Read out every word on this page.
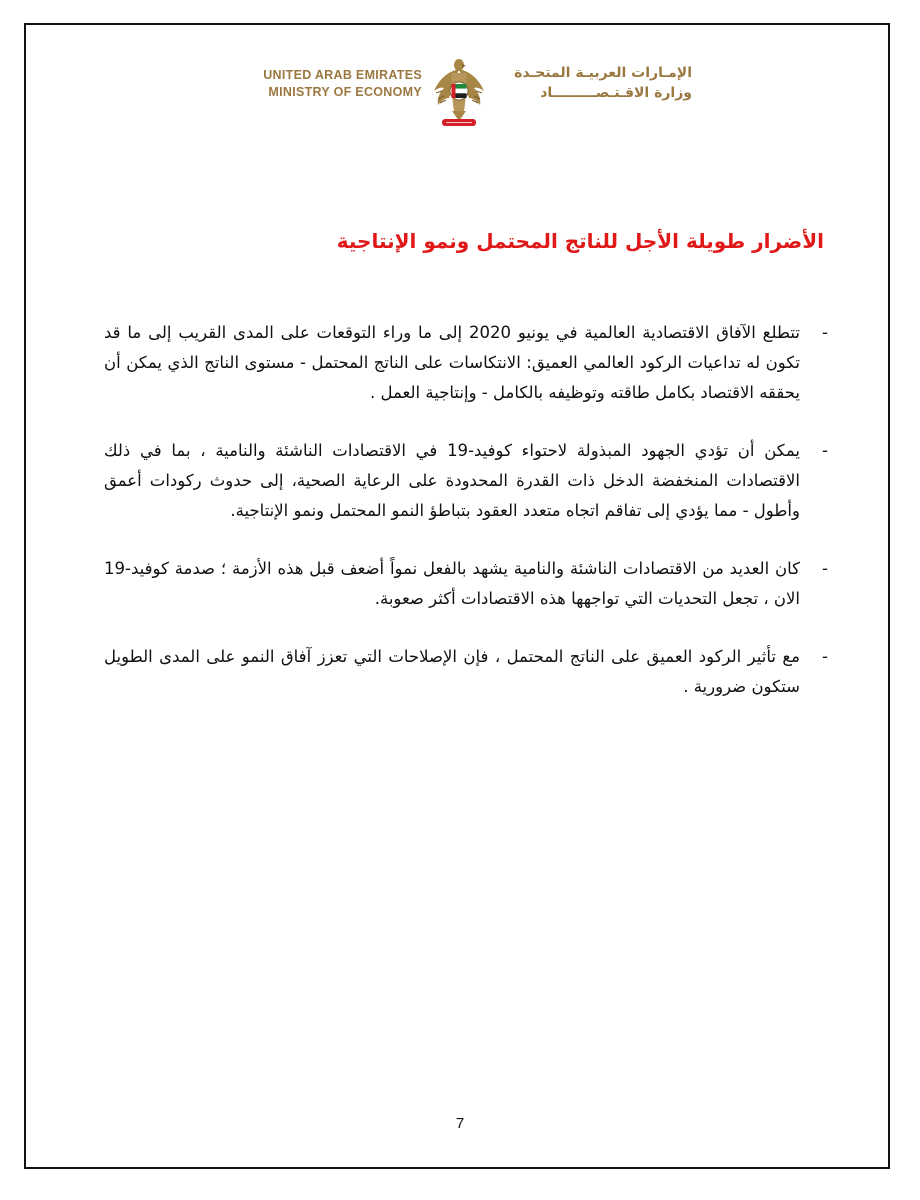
UNITED ARAB EMIRATES
MINISTRY OF ECONOMY
الإمـارات العربيـة المتحـدة
وزارة الاقـتـصـــــــــاد
الأضرار طويلة الأجل للناتج المحتمل ونمو الإنتاجية

-
تتطلع الآفاق الاقتصادية العالمية في يونيو 2020 إلى ما وراء التوقعات على المدى القريب إلى ما قد تكون له تداعيات الركود العالمي العميق: الانتكاسات على الناتج المحتمل - مستوى الناتج الذي يمكن أن يحققه الاقتصاد بكامل طاقته وتوظيفه بالكامل - وإنتاجية العمل .

-
يمكن أن تؤدي الجهود المبذولة لاحتواء كوفيد-19 في الاقتصادات الناشئة والنامية ، بما في ذلك الاقتصادات المنخفضة الدخل ذات القدرة المحدودة على الرعاية الصحية، إلى حدوث ركودات أعمق وأطول - مما يؤدي إلى تفاقم اتجاه متعدد العقود بتباطؤ النمو المحتمل ونمو الإنتاجية.

-
كان العديد من الاقتصادات الناشئة والنامية يشهد بالفعل نمواً أضعف قبل هذه الأزمة ؛ صدمة كوفيد-19 الان ، تجعل التحديات التي تواجهها هذه الاقتصادات أكثر صعوبة.

-
مع تأثير الركود العميق على الناتج المحتمل ، فإن الإصلاحات التي تعزز آفاق النمو على المدى الطويل ستكون ضرورية .

7
